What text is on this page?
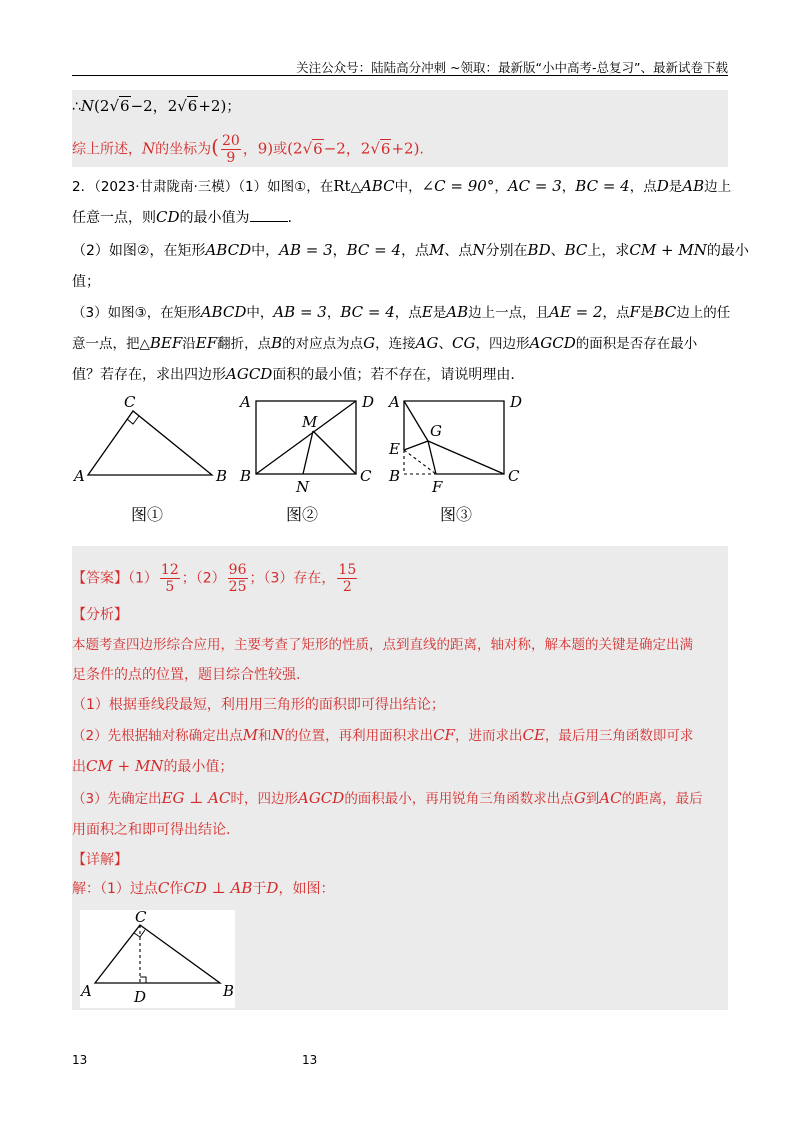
关注公众号：陆陆高分冲刺 ~领取：最新版“小中高考-总复习”、最新试卷下载
∴N(2√6−2，2√6+2)；
综上所述，N的坐标为( $\frac{20}{9}$ ，9)或(2√6−2，2√6+2).
2．（2023·甘肃陇南·三模）（1）如图①，在Rt△ABC中，∠C = 90°，AC = 3，BC = 4，点D是AB边上
任意一点，则CD的最小值为	.
（2）如图②，在矩形ABCD中，AB = 3，BC = 4，点M、点N分别在BD、BC上，求CM + MN的最小
值；
（3）如图③，在矩形ABCD中，AB = 3，BC = 4，点E是AB边上一点，且AE = 2，点F是BC边上的任
意一点，把△BEF沿EF翻折，点B的对应点为点G，连接AG、CG，四边形AGCD的面积是否存在最小
值？若存在，求出四边形AGCD面积的最小值；若不存在，请说明理由.
C
A	B
图①
A	D
B	C
M
N
图②
A	D
E
G
B
F
C
图③
【答案】$(1) \frac{12}{5}$ ；$(2) \frac{96}{25}$ ；（3）存在， $\frac{15}{2}$
【分析】
本题考查四边形综合应用，主要考查了矩形的性质，点到直线的距离，轴对称，解本题的关键是确定出满
足条件的点的位置，题目综合性较强.
（1）根据垂线段最短，利用用三角形的面积即可得出结论；
（2）先根据轴对称确定出点M和N的位置，再利用面积求出CF，进而求出CE，最后用三角函数即可求
出CM + MN的最小值；
（3）先确定出EG ⊥ AC时，四边形AGCD的面积最小，再用锐角三角函数求出点G到AC的距离，最后
用面积之和即可得出结论.
【详解】
解：（1）过点C作CD ⊥ AB于D，如图：
C
A	D	B
13	13
